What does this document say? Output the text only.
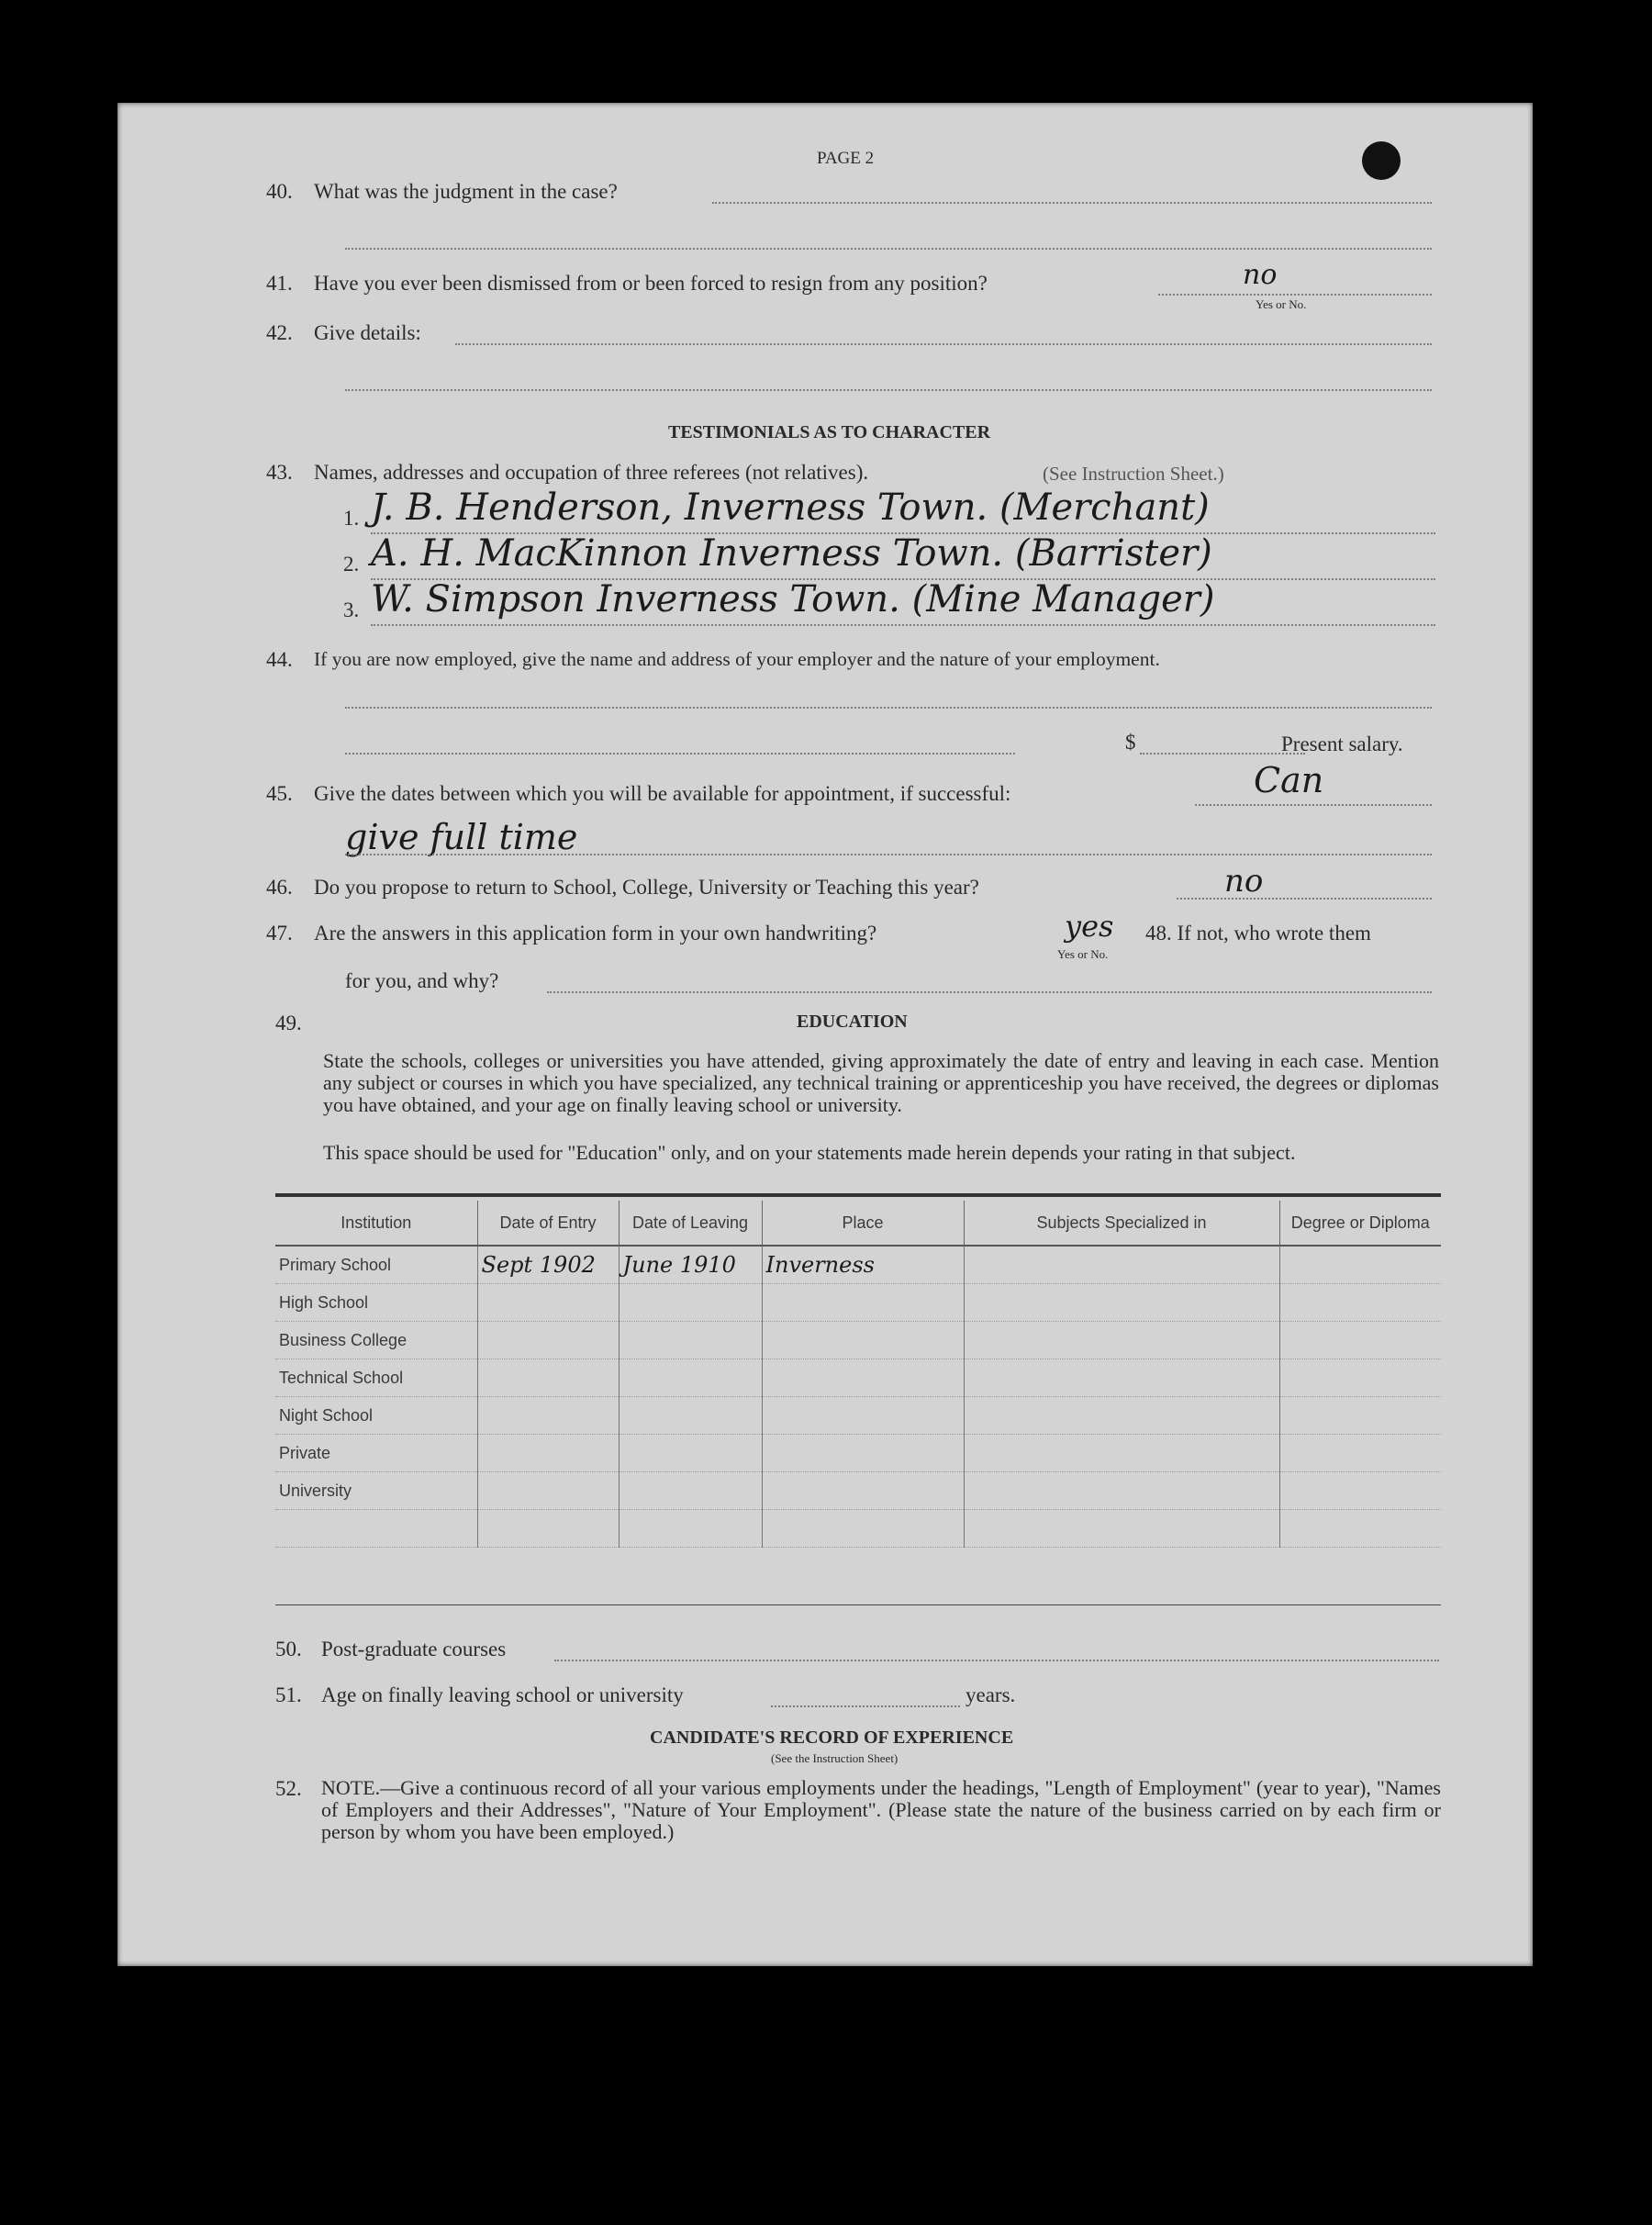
PAGE 2
40. What was the judgment in the case?
41. Have you ever been dismissed from or been forced to resign from any position?	no
Yes or No.
42. Give details:
TESTIMONIALS AS TO CHARACTER
43. Names, addresses and occupation of three referees (not relatives).	(See Instruction Sheet.)
1. J. B. Henderson, Inverness Town. (Merchant)
2. A. H. MacKinnon Inverness Town. (Barrister)
3. W. Simpson Inverness Town. (Mine Manager)
44. If you are now employed, give the name and address of your employer and the nature of your employment.
$	Present salary.
45. Give the dates between which you will be available for appointment, if successful:	Can
give full time
46. Do you propose to return to School, College, University or Teaching this year?	no
47. Are the answers in this application form in your own handwriting?	yes
Yes or No.
48. If not, who wrote them
for you, and why?
49.	EDUCATION
State the schools, colleges or universities you have attended, giving approximately the date of entry and leaving in each case. Mention any subject or courses in which you have specialized, any technical training or apprenticeship you have received, the degrees or diplomas you have obtained, and your age on finally leaving school or university.
This space should be used for "Education" only, and on your statements made herein depends your rating in that subject.
Institution	Date of Entry	Date of Leaving	Place	Subjects Specialized in	Degree or Diploma
Primary School	Sept 1902	June 1910	Inverness		
High School					
Business College					
Technical School					
Night School					
Private					
University					

50. Post-graduate courses
51. Age on finally leaving school or university	years.
CANDIDATE'S RECORD OF EXPERIENCE
(See the Instruction Sheet)
52. NOTE.—Give a continuous record of all your various employments under the headings, "Length of Employment" (year to year), "Names of Employers and their Addresses", "Nature of Your Employment". (Please state the nature of the business carried on by each firm or person by whom you have been employed.)
